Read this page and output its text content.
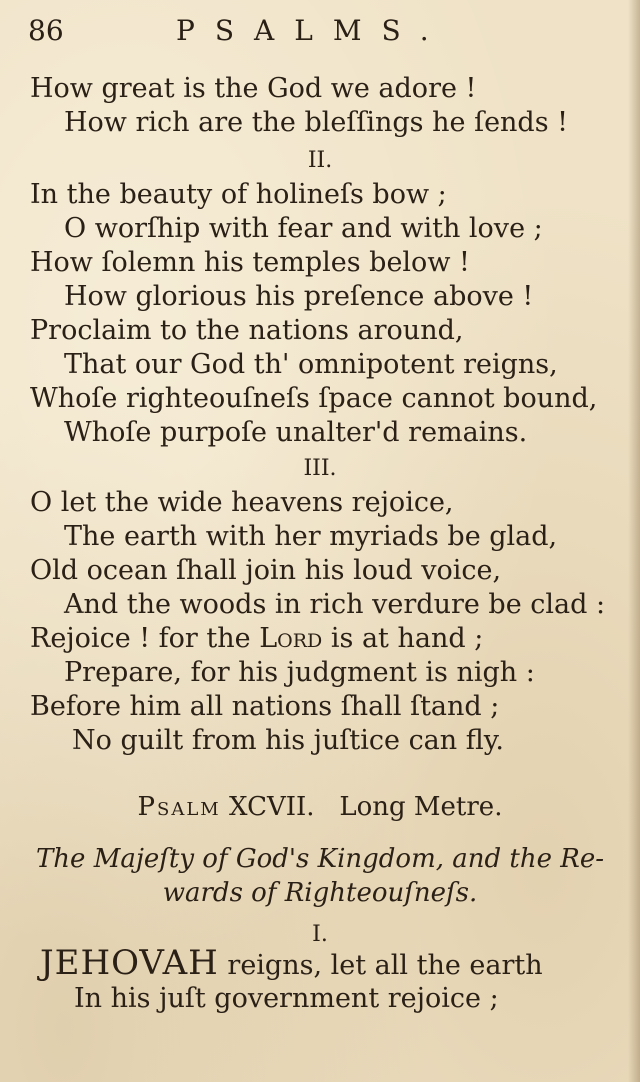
86	PSALMS.
How great is the God we adore !
How rich are the bleſſings he ſends !
II.
In the beauty of holineſs bow ;
O worſhip with fear and with love ;
How ſolemn his temples below !
How glorious his preſence above !
Proclaim to the nations around,
That our God th' omnipotent reigns,
Whoſe righteouſneſs ſpace cannot bound,
Whoſe purpoſe unalter'd remains.
III.
O let the wide heavens rejoice,
The earth with her myriads be glad,
Old ocean ſhall join his loud voice,
And the woods in rich verdure be clad :
Rejoice ! for the Lord is at hand ;
Prepare, for his judgment is nigh :
Before him all nations ſhall ſtand ;
No guilt from his juſtice can fly.
Psalm XCVII. Long Metre.
The Majeſty of God's Kingdom, and the Re-
wards of Righteouſneſs.
I.
JEHOVAH reigns, let all the earth
In his juſt government rejoice ;
